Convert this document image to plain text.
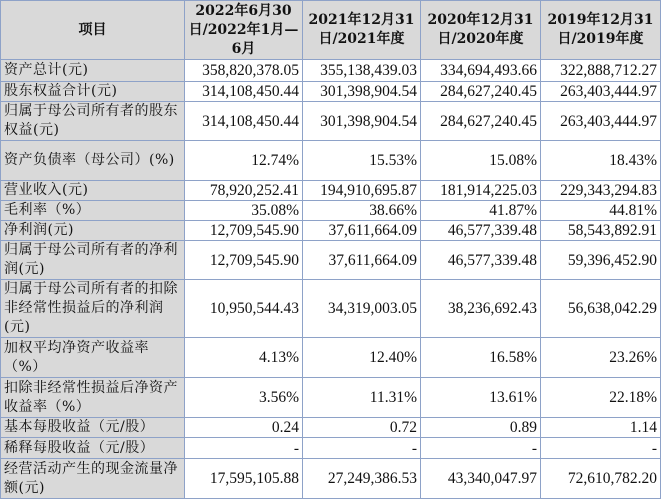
项目	2022年6月30日/2022年1月—6月	2021年12月31日/2021年度	2020年12月31日/2020年度	2019年12月31日/2019年度
资产总计(元)	358,820,378.05	355,138,439.03	334,694,493.66	322,888,712.27
股东权益合计(元)	314,108,450.44	301,398,904.54	284,627,240.45	263,403,444.97
归属于母公司所有者的股东权益(元)	314,108,450.44	301,398,904.54	284,627,240.45	263,403,444.97
资产负债率（母公司）(%)	12.74%	15.53%	15.08%	18.43%
营业收入(元)	78,920,252.41	194,910,695.87	181,914,225.03	229,343,294.83
毛利率（%）	35.08%	38.66%	41.87%	44.81%
净利润(元)	12,709,545.90	37,611,664.09	46,577,339.48	58,543,892.91
归属于母公司所有者的净利润(元)	12,709,545.90	37,611,664.09	46,577,339.48	59,396,452.90
归属于母公司所有者的扣除非经常性损益后的净利润(元)	10,950,544.43	34,319,003.05	38,236,692.43	56,638,042.29
加权平均净资产收益率（%）	4.13%	12.40%	16.58%	23.26%
扣除非经常性损益后净资产收益率（%）	3.56%	11.31%	13.61%	22.18%
基本每股收益（元/股）	0.24	0.72	0.89	1.14
稀释每股收益（元/股）	-	-	-	-
经营活动产生的现金流量净额(元)	17,595,105.88	27,249,386.53	43,340,047.97	72,610,782.20
